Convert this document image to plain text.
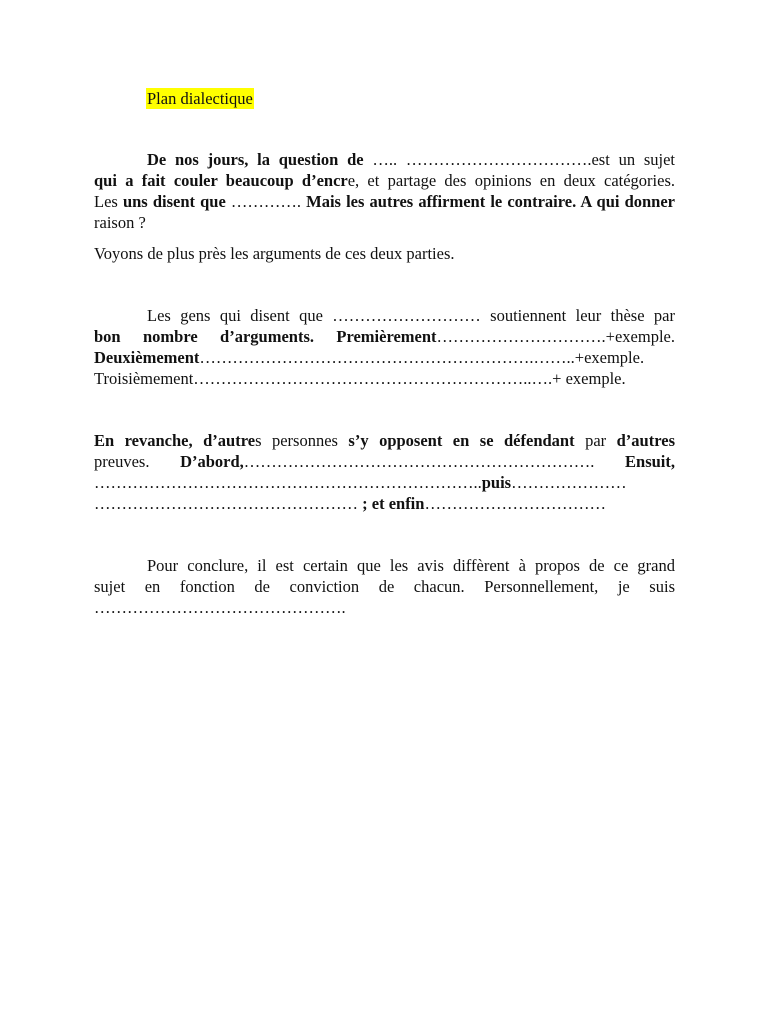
Plan dialectique
De nos jours, la question de ….. …………………………….est un sujet
qui a fait couler beaucoup d’encre, et partage des opinions en deux catégories.
Les uns disent que …………. Mais les autres affirment le contraire. A qui donner
raison ?
Voyons de plus près les arguments de ces deux parties.
Les gens qui disent que ……………………… soutiennent leur thèse par
bon nombre d’arguments. Premièrement………………………….+exemple.
Deuxièmement…………………………………………………….……..+exemple.
Troisièmement……………………………………………………..….+ exemple.
En revanche, d’autres personnes s’y opposent en se défendant par d’autres
preuves. D’abord,………………………………………………………. Ensuit,
……………………………………………………………..puis…………………
………………………………………… ; et enfin……………………………
Pour conclure, il est certain que les avis diffèrent à propos de ce grand
sujet en fonction de conviction de chacun. Personnellement, je suis
……………………………………….
